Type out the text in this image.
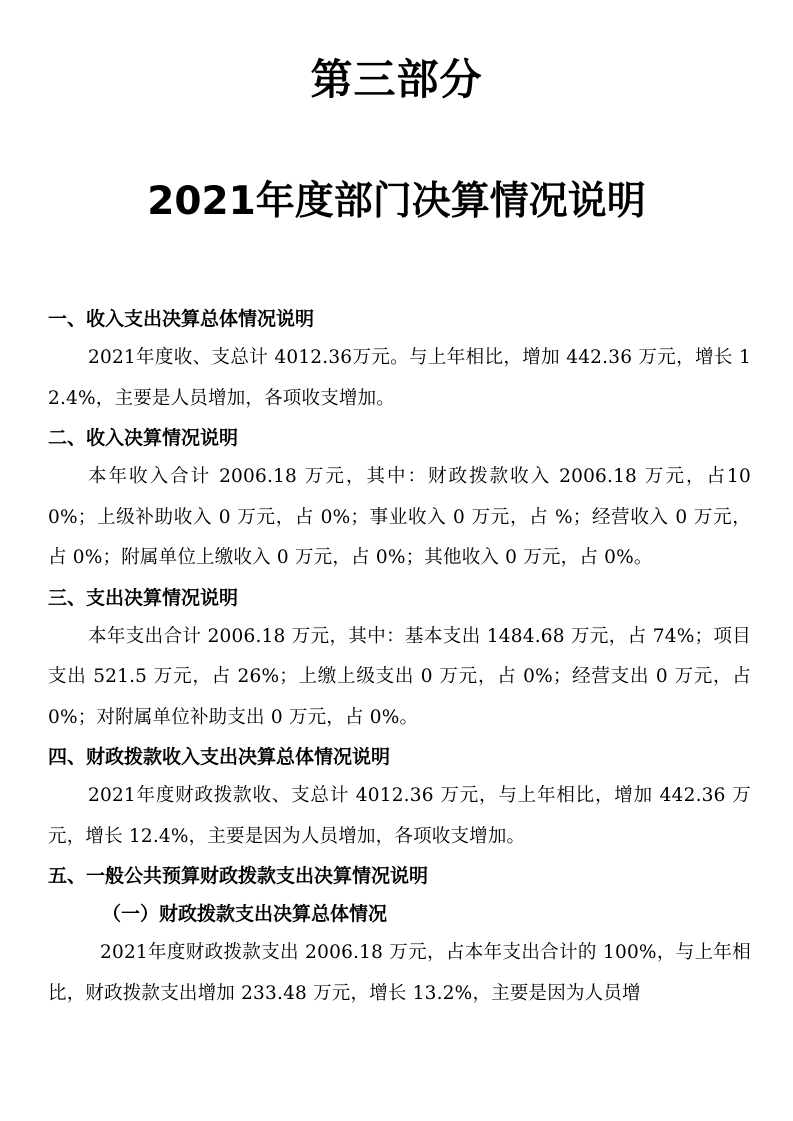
第三部分
2021年度部门决算情况说明
一、收入支出决算总体情况说明
2021年度收、支总计 4012.36万元。与上年相比，增加 442.36 万元，增长 12.4%，主要是人员增加，各项收支增加。
二、收入决算情况说明
本年收入合计 2006.18 万元，其中：财政拨款收入 2006.18 万元，占100%；上级补助收入 0 万元，占 0%；事业收入 0 万元，占 %；经营收入 0 万元，占 0%；附属单位上缴收入 0 万元，占 0%；其他收入 0 万元，占 0%。
三、支出决算情况说明
本年支出合计 2006.18 万元，其中：基本支出 1484.68 万元，占 74%；项目支出 521.5 万元，占 26%；上缴上级支出 0 万元，占 0%；经营支出 0 万元，占 0%；对附属单位补助支出 0 万元，占 0%。
四、财政拨款收入支出决算总体情况说明
2021年度财政拨款收、支总计 4012.36 万元，与上年相比，增加 442.36 万元，增长 12.4%，主要是因为人员增加，各项收支增加。
五、一般公共预算财政拨款支出决算情况说明
（一）财政拨款支出决算总体情况
2021年度财政拨款支出 2006.18 万元，占本年支出合计的 100%，与上年相比，财政拨款支出增加 233.48 万元，增长 13.2%，主要是因为人员增
